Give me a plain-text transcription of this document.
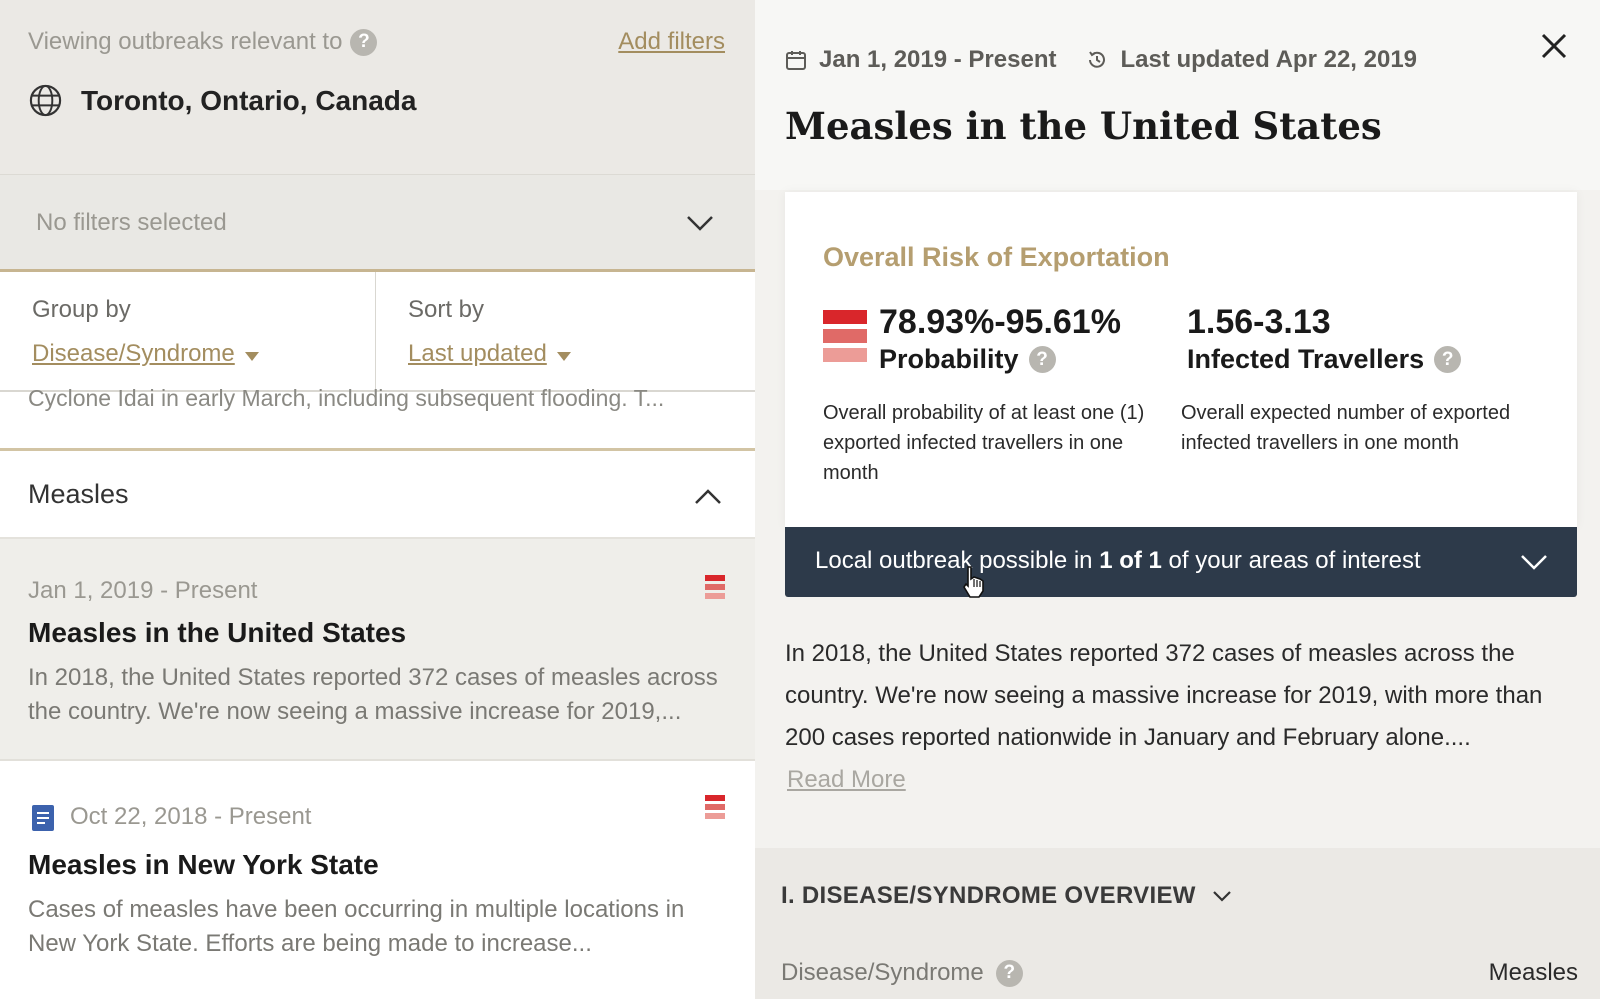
Viewing outbreaks relevant to ?	Add filters
Toronto, Ontario, Canada
No filters selected
Group by
Disease/Syndrome
Sort by
Last updated
Cyclone Idai in early March, including subsequent flooding. T...
Measles
Jan 1, 2019 - Present
Measles in the United States
In 2018, the United States reported 372 cases of measles across the country. We're now seeing a massive increase for 2019,...
Oct 22, 2018 - Present
Measles in New York State
Cases of measles have been occurring in multiple locations in New York State. Efforts are being made to increase...
Jan 1, 2019 - Present	Last updated Apr 22, 2019
Measles in the United States
Overall Risk of Exportation
78.93%-95.61%
Probability ?
1.56-3.13
Infected Travellers ?
Overall probability of at least one (1) exported infected travellers in one month
Overall expected number of exported infected travellers in one month
Local outbreak possible in 1 of 1 of your areas of interest
In 2018, the United States reported 372 cases of measles across the country. We're now seeing a massive increase for 2019, with more than 200 cases reported nationwide in January and February alone....
Read More
I. DISEASE/SYNDROME OVERVIEW
Disease/Syndrome	?	Measles
